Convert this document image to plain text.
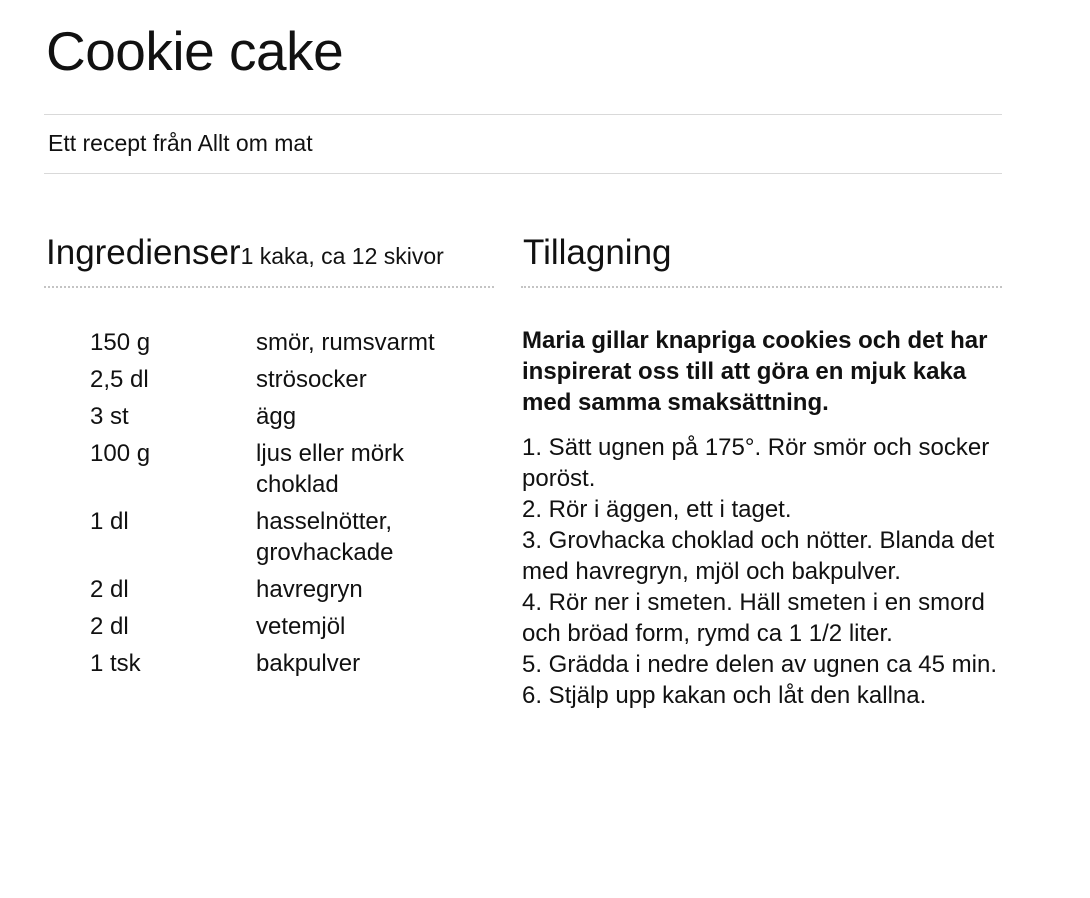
Cookie cake
Ett recept från Allt om mat
Ingredienser1 kaka, ca 12 skivor Tillagning
150 g	smör, rumsvarmt
2,5 dl	strösocker
3 st	ägg
100 g	ljus eller mörk choklad
1 dl	hasselnötter, grovhackade
2 dl	havregryn
2 dl	vetemjöl
1 tsk	bakpulver

Maria gillar knapriga cookies och det har inspirerat oss till att göra en mjuk kaka med samma smaksättning.

1. Sätt ugnen på 175°. Rör smör och socker poröst.

2. Rör i äggen, ett i taget.

3. Grovhacka choklad och nötter. Blanda det med havregryn, mjöl och bakpulver.

4. Rör ner i smeten. Häll smeten i en smord och bröad form, rymd ca 1 1/2 liter.

5. Grädda i nedre delen av ugnen ca 45 min.

6. Stjälp upp kakan och låt den kallna.
